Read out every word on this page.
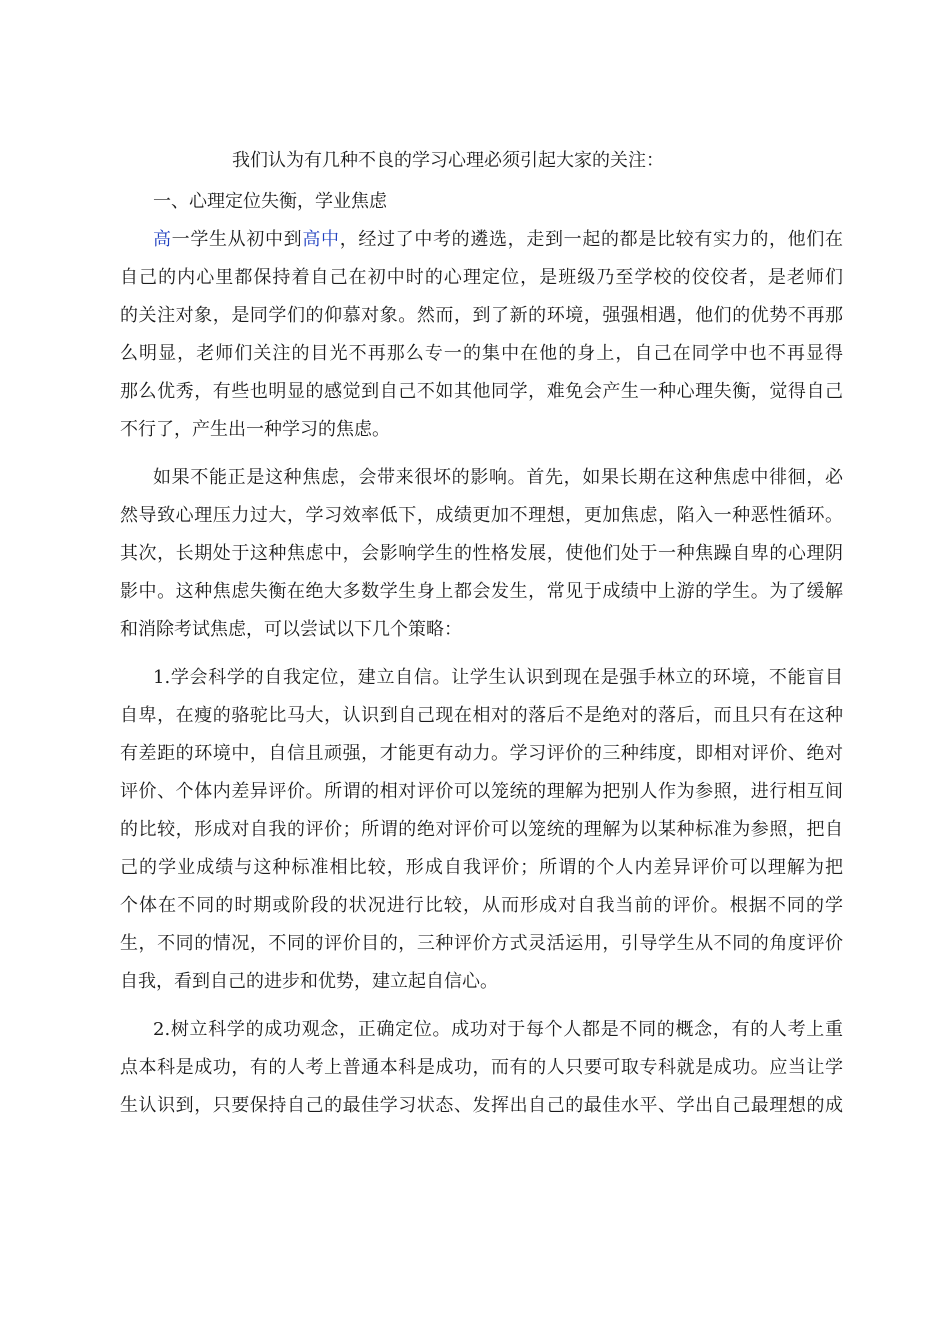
我们认为有几种不良的学习心理必须引起大家的关注：

一、心理定位失衡，学业焦虑

高一学生从初中到高中，经过了中考的遴选，走到一起的都是比较有实力的，他们在

自己的内心里都保持着自己在初中时的心理定位，是班级乃至学校的佼佼者，是老师们

的关注对象，是同学们的仰慕对象。然而，到了新的环境，强强相遇，他们的优势不再那

么明显，老师们关注的目光不再那么专一的集中在他的身上，自己在同学中也不再显得

那么优秀，有些也明显的感觉到自己不如其他同学，难免会产生一种心理失衡，觉得自己

不行了，产生出一种学习的焦虑。

如果不能正是这种焦虑，会带来很坏的影响。首先，如果长期在这种焦虑中徘徊，必

然导致心理压力过大，学习效率低下，成绩更加不理想，更加焦虑，陷入一种恶性循环。

其次，长期处于这种焦虑中，会影响学生的性格发展，使他们处于一种焦躁自卑的心理阴

影中。这种焦虑失衡在绝大多数学生身上都会发生，常见于成绩中上游的学生。为了缓解

和消除考试焦虑，可以尝试以下几个策略：

1.学会科学的自我定位，建立自信。让学生认识到现在是强手林立的环境，不能盲目

自卑，在瘦的骆驼比马大，认识到自己现在相对的落后不是绝对的落后，而且只有在这种

有差距的环境中，自信且顽强，才能更有动力。学习评价的三种纬度，即相对评价、绝对

评价、个体内差异评价。所谓的相对评价可以笼统的理解为把别人作为参照，进行相互间

的比较，形成对自我的评价；所谓的绝对评价可以笼统的理解为以某种标准为参照，把自

己的学业成绩与这种标准相比较，形成自我评价；所谓的个人内差异评价可以理解为把

个体在不同的时期或阶段的状况进行比较，从而形成对自我当前的评价。根据不同的学

生，不同的情况，不同的评价目的，三种评价方式灵活运用，引导学生从不同的角度评价

自我，看到自己的进步和优势，建立起自信心。

2.树立科学的成功观念，正确定位。成功对于每个人都是不同的概念，有的人考上重

点本科是成功，有的人考上普通本科是成功，而有的人只要可取专科就是成功。应当让学

生认识到，只要保持自己的最佳学习状态、发挥出自己的最佳水平、学出自己最理想的成
